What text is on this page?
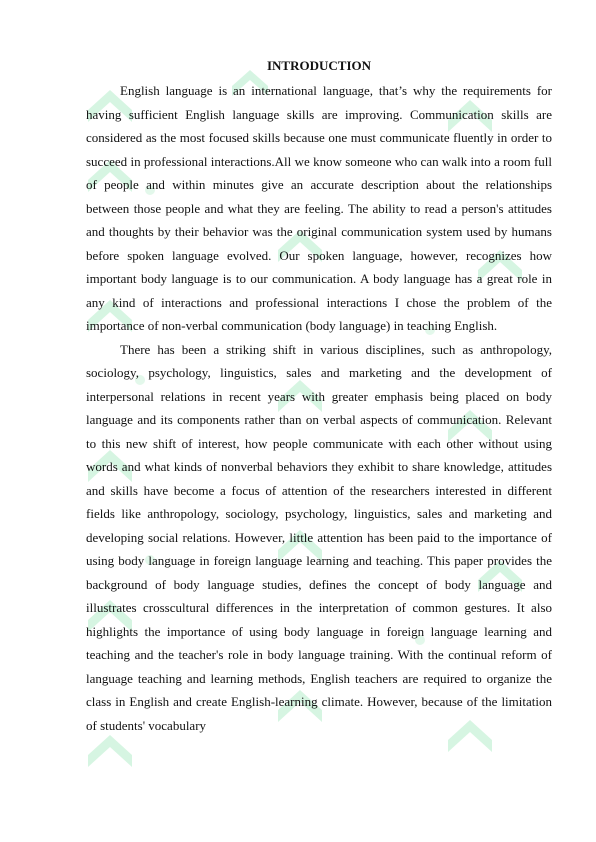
INTRODUCTION

English language is an international language, that’s why the requirements for having sufficient English language skills are improving. Communication skills are considered as the most focused skills because one must communicate fluently in order to succeed in professional interactions.All we know someone who can walk into a room full of people and within minutes give an accurate description about the relationships between those people and what they are feeling. The ability to read a person's attitudes and thoughts by their behavior was the original communication system used by humans before spoken language evolved. Our spoken language, however, recognizes how important body language is to our communication. A body language has a great role in any kind of interactions and professional interactions I chose the problem of the importance of non-verbal communication (body language) in teaching English.

There has been a striking shift in various disciplines, such as anthropology, sociology, psychology, linguistics, sales and marketing and the development of interpersonal relations in recent years with greater emphasis being placed on body language and its components rather than on verbal aspects of communication. Relevant to this new shift of interest, how people communicate with each other without using words and what kinds of nonverbal behaviors they exhibit to share knowledge, attitudes and skills have become a focus of attention of the researchers interested in different fields like anthropology, sociology, psychology, linguistics, sales and marketing and developing social relations. However, little attention has been paid to the importance of using body language in foreign language learning and teaching. This paper provides the background of body language studies, defines the concept of body language and illustrates crosscultural differences in the interpretation of common gestures. It also highlights the importance of using body language in foreign language learning and teaching and the teacher's role in body language training. With the continual reform of language teaching and learning methods, English teachers are required to organize the class in English and create English-learning climate. However, because of the limitation of students' vocabulary
